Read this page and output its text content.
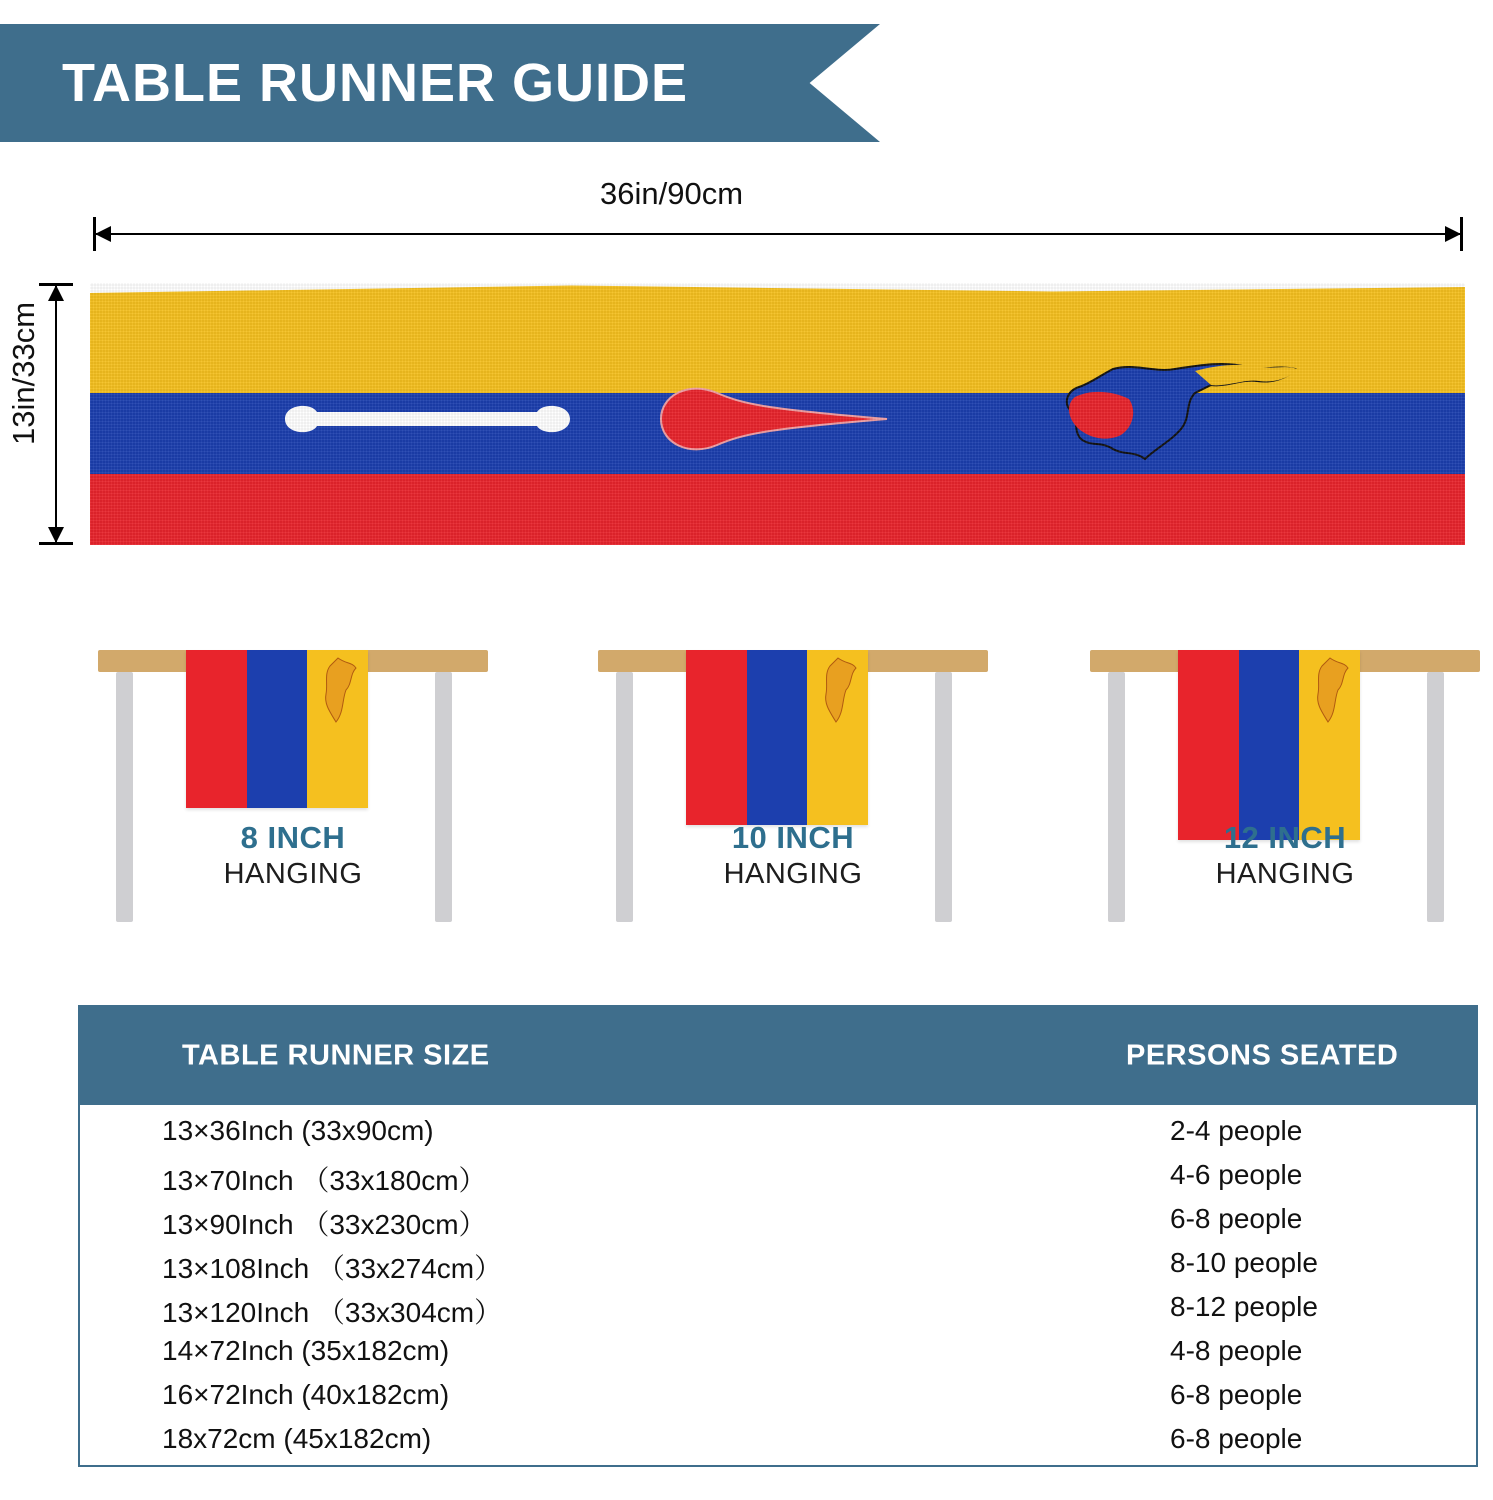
TABLE RUNNER GUIDE
36in/90cm
13in/33cm
8 INCH
HANGING
10 INCH
HANGING
12 INCH
HANGING
TABLE RUNNER SIZE	PERSONS SEATED
13×36Inch (33x90cm)	2-4 people
13×70Inch （33x180cm）	4-6 people
13×90Inch （33x230cm）	6-8 people
13×108Inch （33x274cm）	8-10 people
13×120Inch （33x304cm）	8-12 people
14×72Inch (35x182cm)	4-8 people
16×72Inch (40x182cm)	6-8 people
18x72cm (45x182cm)	6-8 people
